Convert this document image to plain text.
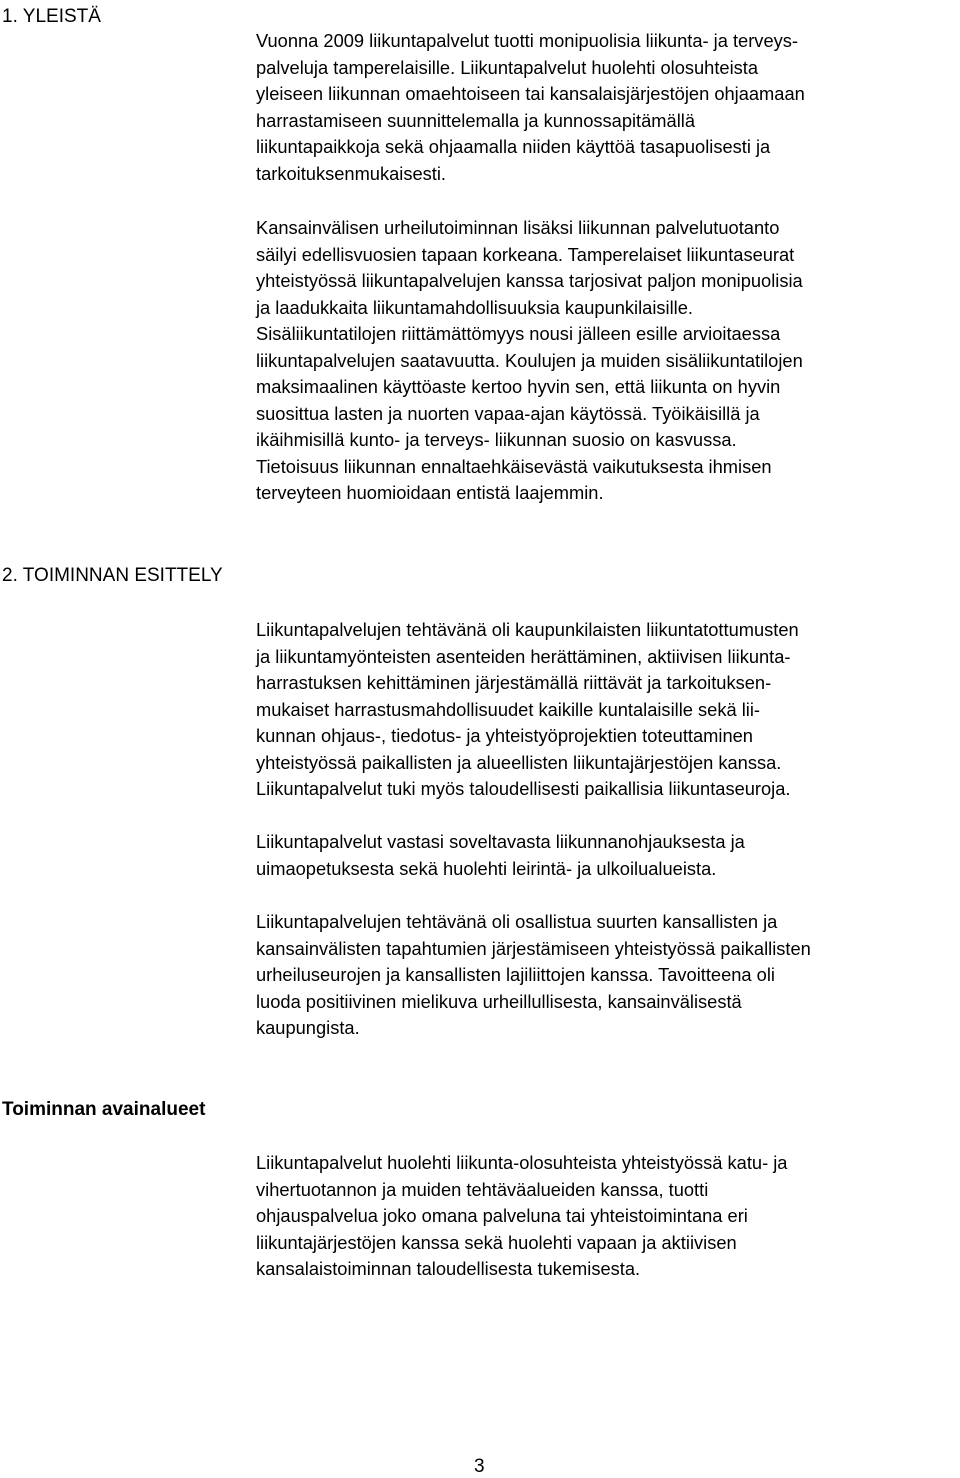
1. YLEISTÄ

Vuonna 2009 liikuntapalvelut tuotti monipuolisia liikunta- ja terveys-
palveluja tamperelaisille. Liikuntapalvelut huolehti olosuhteista
yleiseen liikunnan omaehtoiseen tai kansalaisjärjestöjen ohjaamaan
harrastamiseen suunnittelemalla ja kunnossapitämällä
liikuntapaikkoja sekä ohjaamalla niiden käyttöä tasapuolisesti ja
tarkoituksenmukaisesti.

Kansainvälisen urheilutoiminnan lisäksi liikunnan palvelutuotanto
säilyi edellisvuosien tapaan korkeana. Tamperelaiset liikuntaseurat
yhteistyössä liikuntapalvelujen kanssa tarjosivat paljon monipuolisia
ja laadukkaita liikuntamahdollisuuksia kaupunkilaisille.
Sisäliikuntatilojen riittämättömyys nousi jälleen esille arvioitaessa
liikuntapalvelujen saatavuutta. Koulujen ja muiden sisäliikuntatilojen
maksimaalinen käyttöaste kertoo hyvin sen, että liikunta on hyvin
suosittua lasten ja nuorten vapaa-ajan käytössä. Työikäisillä ja
ikäihmisillä kunto- ja terveys- liikunnan suosio on kasvussa.
Tietoisuus liikunnan ennaltaehkäisevästä vaikutuksesta ihmisen
terveyteen huomioidaan entistä laajemmin.

2. TOIMINNAN ESITTELY

Liikuntapalvelujen tehtävänä oli kaupunkilaisten liikuntatottumusten
ja liikuntamyönteisten asenteiden herättäminen, aktiivisen liikunta-
harrastuksen kehittäminen järjestämällä riittävät ja tarkoituksen-
mukaiset harrastusmahdollisuudet kaikille kuntalaisille sekä lii-
kunnan ohjaus-, tiedotus- ja yhteistyöprojektien toteuttaminen
yhteistyössä paikallisten ja alueellisten liikuntajärjestöjen kanssa.
Liikuntapalvelut tuki myös taloudellisesti paikallisia liikuntaseuroja.

Liikuntapalvelut vastasi soveltavasta liikunnanohjauksesta ja
uimaopetuksesta sekä huolehti leirintä- ja ulkoilualueista.

Liikuntapalvelujen tehtävänä oli osallistua suurten kansallisten ja
kansainvälisten tapahtumien järjestämiseen yhteistyössä paikallisten
urheiluseurojen ja kansallisten lajiliittojen kanssa. Tavoitteena oli
luoda positiivinen mielikuva urheillullisesta, kansainvälisestä
kaupungista.

Toiminnan avainalueet

Liikuntapalvelut huolehti liikunta-olosuhteista yhteistyössä katu- ja
vihertuotannon ja muiden tehtäväalueiden kanssa, tuotti
ohjauspalvelua joko omana palveluna tai yhteistoimintana eri
liikuntajärjestöjen kanssa sekä huolehti vapaan ja aktiivisen
kansalaistoiminnan taloudellisesta tukemisesta.

3
